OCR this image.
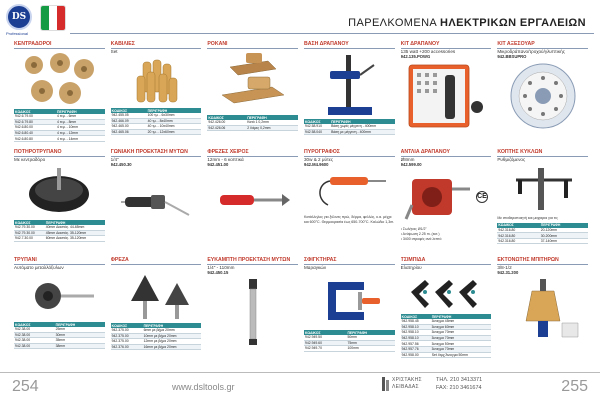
DS
Professional
ΠΑΡΕΛΚΟΜΕΝΑ ΗΛΕΚΤΡΙΚΩΝ ΕΡΓΑΛΕΙΩΝ
ΚΕΝΤΡΑΔΟΡΟΙ
ΚΩΔΙΚΟΣ	ΠΕΡΙΓΡΑΦΗ
942.6.79.00	4 τεμ. - 6mm
942.6.79.80	4 τεμ. - 8mm
942.6.80.00	4 τεμ. - 10mm
942.6.80.40	4 τεμ. - 12mm
942.6.80.80	4 τεμ. - 14mm
ΚΑΒΙΛΙΕΣ
Set
ΚΩΔΙΚΟΣ	ΠΕΡΙΓΡΑΦΗ
942.455.05	100 τμ. - 6x30mm
942.466.09	40 τμ. - 8x40mm
942.465.00	40 τμ. - 10x40mm
942.465.06	20 τμ. - 12x60mm
ΡΟΚΑΝΙ
ΚΩΔΙΚΟΣ	ΠΕΡΙΓΡΑΦΗ
942.426.00	Κατά 1 0,2mm
942.426.06	2 Λάμες 0,2mm
ΒΑΣΗ ΔΡΑΠΑΝΟΥ
ΚΩΔΙΚΟΣ	ΠΕΡΙΓΡΑΦΗ
942.58.910	Βάση χωρίς μέγγενη - 400mm
942.58.040	Βάση με μέγγενη - 400mm
ΚΙΤ ΔΡΑΠΑΝΟΥ
135 watt +200 accessories
942.135.POWG
ΚΙΤ ΑΞΕΣΟΥΑΡ
Μικροδράπανο/τροχού/γλυπτικής
942.BBSUPRO
ΠΟΤΗΡΟΤΡΥΠΑΝΟ
Με κεντραδόρο
ΚΩΔΙΚΟΣ	ΠΕΡΙΓΡΑΦΗ
942.79.30.00	40mm Διαστάς. 44-65mm
942.79.30.00	45mm Διαστάς. 35-120mm
942.7.30.00	60mm Διαστάς. 35-120mm
ΓΩΝΙΑΚΗ ΠΡΟΕΚΤΑΣΗ ΜΥΤΩΝ
1/4"
942.450.30
ΦΡΕΖΕΣ ΧΕΙΡΟΣ
12mm - 6 κοπτικά
942.451.00
ΠΥΡΟΓΡΑΦΟΣ
30w & 2 μύτες
942.M4.9600
Κατάλληλος για ξύλινες πρώ, δέρμα, φελλός, κ.α. μέχρι και 600°C. Θερμοκρασία έως 650-700°C. Καλώδιο 1,3m.
ΑΝΤΛΙΑ ΔΡΑΠΑΝΟΥ
Ø8mm
942.599.00
CE
• Σωλήνας Ø1/2"
• Ανύψωση 2.25 m. (εκτ.)
• 3400 στροφές ανά λεπτό
ΚΟΠΤΗΣ ΚΥΚΛΩΝ
Ρυθμιζόμενος
Με σταθεροποιητή και μαχαιρια για τις
ΚΩΔΙΚΟΣ	ΠΕΡΙΓΡΑΦΗ
942.316.80	20-120mm
942.316.80	30-200mm
942.316.80	37-140mm
ΤΡΥΠΑΝΙ
Αυτόματο μεταλλόξυλων
ΚΩΔΙΚΟΣ	ΠΕΡΙΓΡΑΦΗ
942.38.00	25mm
942.38.00	30mm
942.38.00	35mm
942.38.00	38mm
ΦΡΕΖΑ
ΚΩΔΙΚΟΣ	ΠΕΡΙΓΡΑΦΗ
942.375.00	6mm με βήμα 20mm
942.375.00	10mm με βήμα 20mm
942.375.00	12mm με βήμα 20mm
942.376.00	16mm με βήμα 20mm
ΕΥΚΑΜΠΤΗ ΠΡΟΕΚΤΑΣΗ ΜΥΤΩΝ
1/4" - 110mm
942.450.15
ΣΦΙΓΚΤΗΡΑΣ
Μαραγκών
ΚΩΔΙΚΟΣ	ΠΕΡΙΓΡΑΦΗ
942.949.50	50mm
942.949.60	75mm
942.949.70	100mm
ΤΣΙΜΠΙΔΑ
Ελατηρίου
ΚΩΔΙΚΟΣ	ΠΕΡΙΓΡΑΦΗ
942.958.45	Άνοιγμα 45mm
942.958.10	Άνοιγμα 60mm
942.958.10	Άνοιγμα 70mm
942.958.10	Άνοιγμα 70mm
942.957.56	Άνοιγμα 50mm
942.957.76	Άνοιγμα 70mm
942.958.00	Set 4τμχ Άνοιγμα 50mm
ΕΚΤΟΝΩΤΗΣ ΜΠΙΤΗΡΩΝ
3/8-1/2
942.31.200
254	www.dsltools.gr
ΧΡΙΣΤΑΚΗΣ
ΛΕΙΒΑΔΑΣ
ΤΗΛ. 210 3413371
FAX: 210 3461674	255
